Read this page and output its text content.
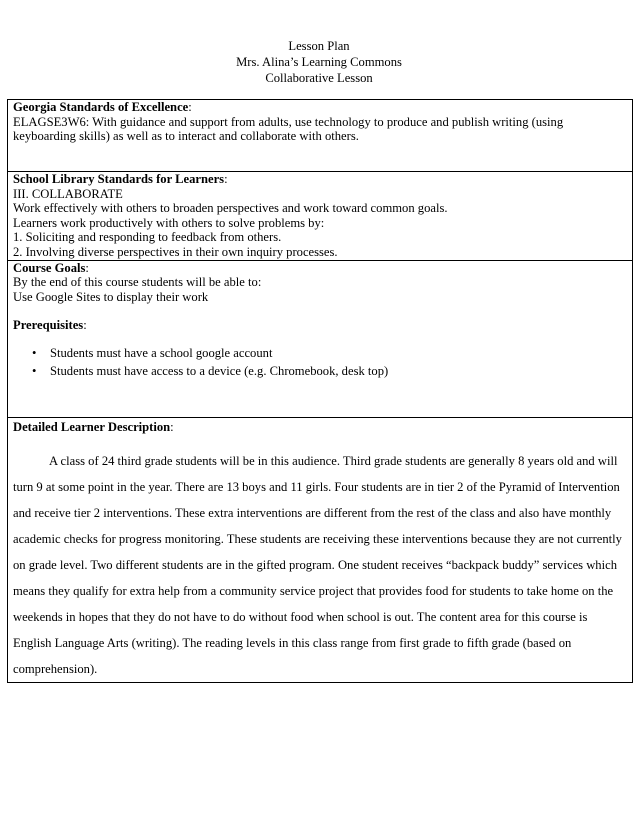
Lesson Plan
Mrs. Alina’s Learning Commons
Collaborative Lesson
Georgia Standards of Excellence:
ELAGSE3W6: With guidance and support from adults, use technology to produce and publish writing (using keyboarding skills) as well as to interact and collaborate with others.

School Library Standards for Learners:
III. COLLABORATE
Work effectively with others to broaden perspectives and work toward common goals.
Learners work productively with others to solve problems by:
1. Soliciting and responding to feedback from others.
2. Involving diverse perspectives in their own inquiry processes.

Course Goals:
By the end of this course students will be able to:
Use Google Sites to display their work
Prerequisites:
• Students must have a school google account
• Students must have access to a device (e.g. Chromebook, desk top)

Detailed Learner Description:
A class of 24 third grade students will be in this audience. Third grade students are generally 8 years old and will turn 9 at some point in the year. There are 13 boys and 11 girls. Four students are in tier 2 of the Pyramid of Intervention and receive tier 2 interventions. These extra interventions are different from the rest of the class and also have monthly academic checks for progress monitoring. These students are receiving these interventions because they are not currently on grade level. Two different students are in the gifted program. One student receives “backpack buddy” services which means they qualify for extra help from a community service project that provides food for students to take home on the weekends in hopes that they do not have to do without food when school is out. The content area for this course is English Language Arts (writing). The reading levels in this class range from first grade to fifth grade (based on comprehension).
